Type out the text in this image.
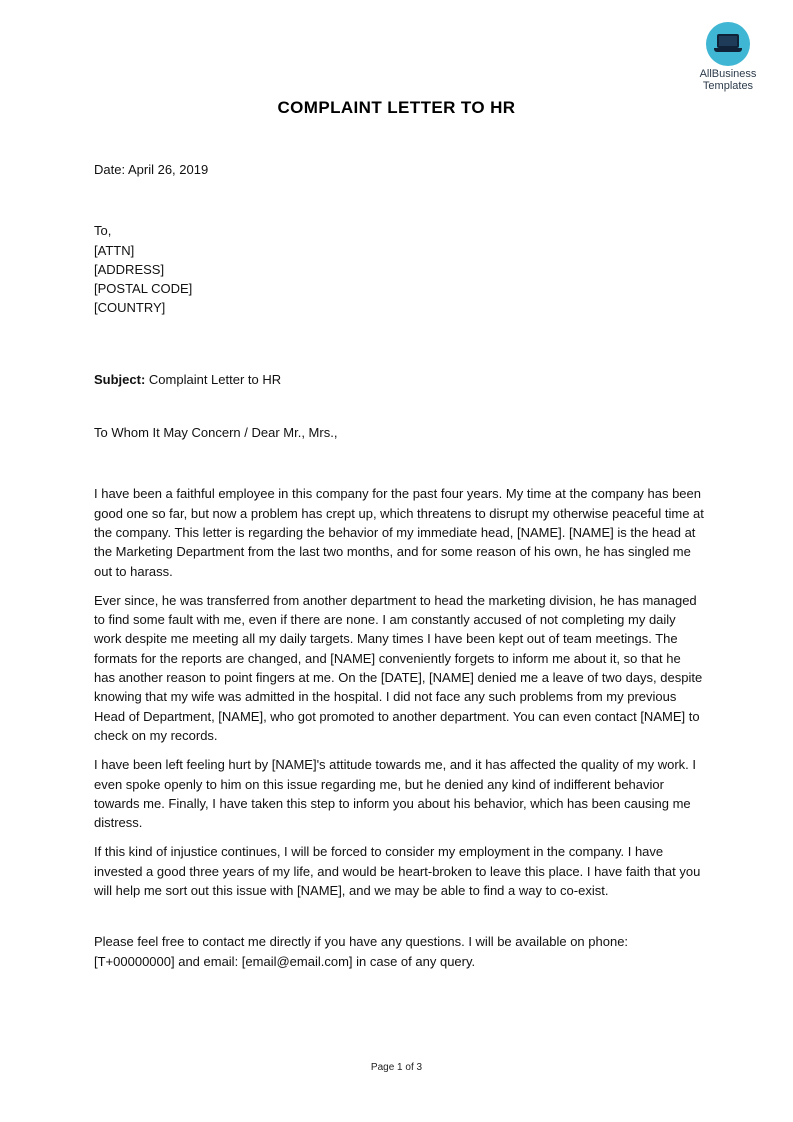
AllBusiness
Templates
COMPLAINT LETTER TO HR
Date: April 26, 2019
To,
[ATTN]
[ADDRESS]
[POSTAL CODE]
[COUNTRY]
Subject: Complaint Letter to HR
To Whom It May Concern / Dear Mr., Mrs.,

I have been a faithful employee in this company for the past four years. My time at the company has been good one so far, but now a problem has crept up, which threatens to disrupt my otherwise peaceful time at the company. This letter is regarding the behavior of my immediate head, [NAME]. [NAME] is the head at the Marketing Department from the last two months, and for some reason of his own, he has singled me out to harass.

Ever since, he was transferred from another department to head the marketing division, he has managed to find some fault with me, even if there are none. I am constantly accused of not completing my daily work despite me meeting all my daily targets. Many times I have been kept out of team meetings. The formats for the reports are changed, and [NAME] conveniently forgets to inform me about it, so that he has another reason to point fingers at me. On the [DATE], [NAME] denied me a leave of two days, despite knowing that my wife was admitted in the hospital. I did not face any such problems from my previous Head of Department, [NAME], who got promoted to another department. You can even contact [NAME] to check on my records.

I have been left feeling hurt by [NAME]'s attitude towards me, and it has affected the quality of my work. I even spoke openly to him on this issue regarding me, but he denied any kind of indifferent behavior towards me. Finally, I have taken this step to inform you about his behavior, which has been causing me distress.

If this kind of injustice continues, I will be forced to consider my employment in the company. I have invested a good three years of my life, and would be heart-broken to leave this place. I have faith that you will help me sort out this issue with [NAME], and we may be able to find a way to co-exist.

Please feel free to contact me directly if you have any questions. I will be available on phone: [T+00000000] and email: [email@email.com] in case of any query.

Page 1 of 3
